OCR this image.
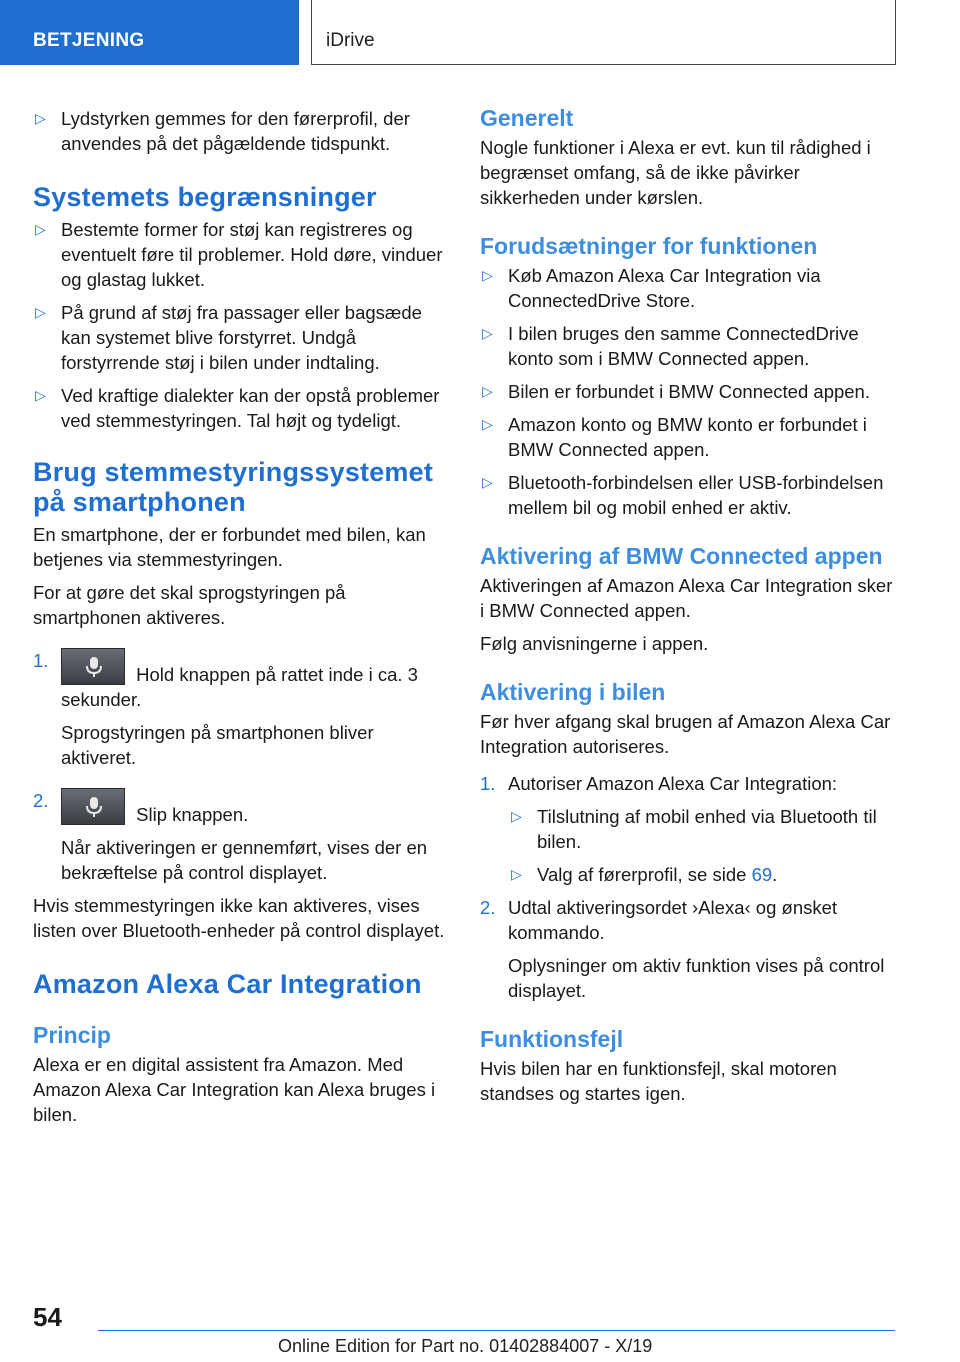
BETJENING	iDrive
▷ Lydstyrken gemmes for den førerprofil, der anvendes på det pågældende tidspunkt.
Systemets begrænsninger
▷ Bestemte former for støj kan registreres og eventuelt føre til problemer. Hold døre, vinduer og glastag lukket.
▷ På grund af støj fra passager eller bagsæde kan systemet blive forstyrret. Undgå forstyrrende støj i bilen under indtaling.
▷ Ved kraftige dialekter kan der opstå problemer ved stemmestyringen. Tal højt og tydeligt.
Brug stemmestyringssystemet på smartphonen

En smartphone, der er forbundet med bilen, kan betjenes via stemmestyringen.

For at gøre det skal sprogstyringen på smartphonen aktiveres.

1.
Hold knappen på rattet inde i ca. 3 sekunder.
Sprogstyringen på smartphonen bliver aktiveret.
2.
Slip knappen.
Når aktiveringen er gennemført, vises der en bekræftelse på control displayet.

Hvis stemmestyringen ikke kan aktiveres, vises listen over Bluetooth-enheder på control displayet.

Amazon Alexa Car Integration
Princip

Alexa er en digital assistent fra Amazon. Med Amazon Alexa Car Integration kan Alexa bruges i bilen.

Generelt

Nogle funktioner i Alexa er evt. kun til rådighed i begrænset omfang, så de ikke påvirker sikkerheden under kørslen.

Forudsætninger for funktionen
▷ Køb Amazon Alexa Car Integration via ConnectedDrive Store.
▷ I bilen bruges den samme ConnectedDrive konto som i BMW Connected appen.
▷ Bilen er forbundet i BMW Connected appen.
▷ Amazon konto og BMW konto er forbundet i BMW Connected appen.
▷ Bluetooth-forbindelsen eller USB-forbindelsen mellem bil og mobil enhed er aktiv.
Aktivering af BMW Connected appen

Aktiveringen af Amazon Alexa Car Integration sker i BMW Connected appen.

Følg anvisningerne i appen.

Aktivering i bilen

Før hver afgang skal brugen af Amazon Alexa Car Integration autoriseres.

1. Autoriser Amazon Alexa Car Integration:
▷ Tilslutning af mobil enhed via Bluetooth til bilen.
▷ Valg af førerprofil, se side 69.
2. Udtal aktiveringsordet ›Alexa‹ og ønsket kommando.
Oplysninger om aktiv funktion vises på control displayet.
Funktionsfejl

Hvis bilen har en funktionsfejl, skal motoren standses og startes igen.

54
Online Edition for Part no. 01402884007 - X/19
